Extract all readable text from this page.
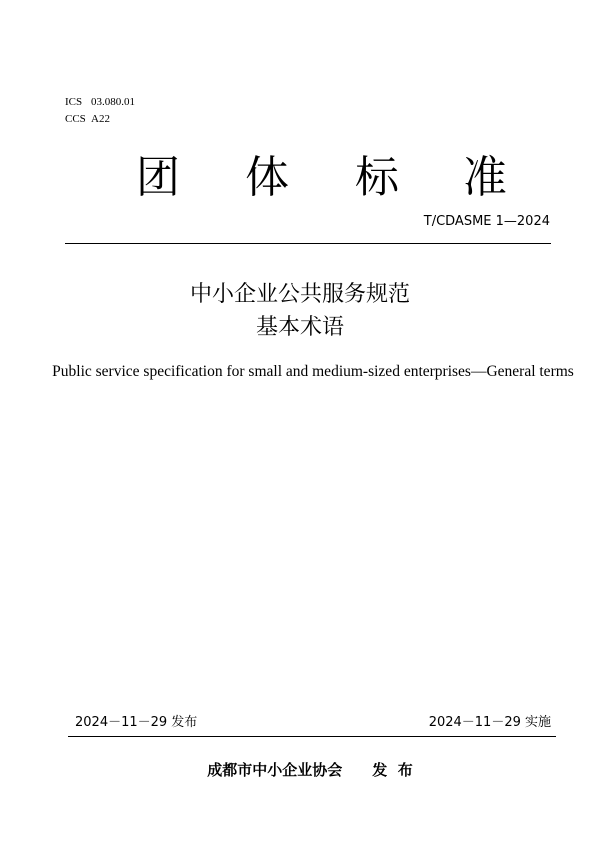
ICS 03.080.01
CCS A22
团 体 标 准
T/CDASME 1—2024
中小企业公共服务规范
基本术语
Public service specification for small and medium-sized enterprises—General terms
2024－11－29 发布	2024－11－29 实施
成都市中小企业协会 发  布
